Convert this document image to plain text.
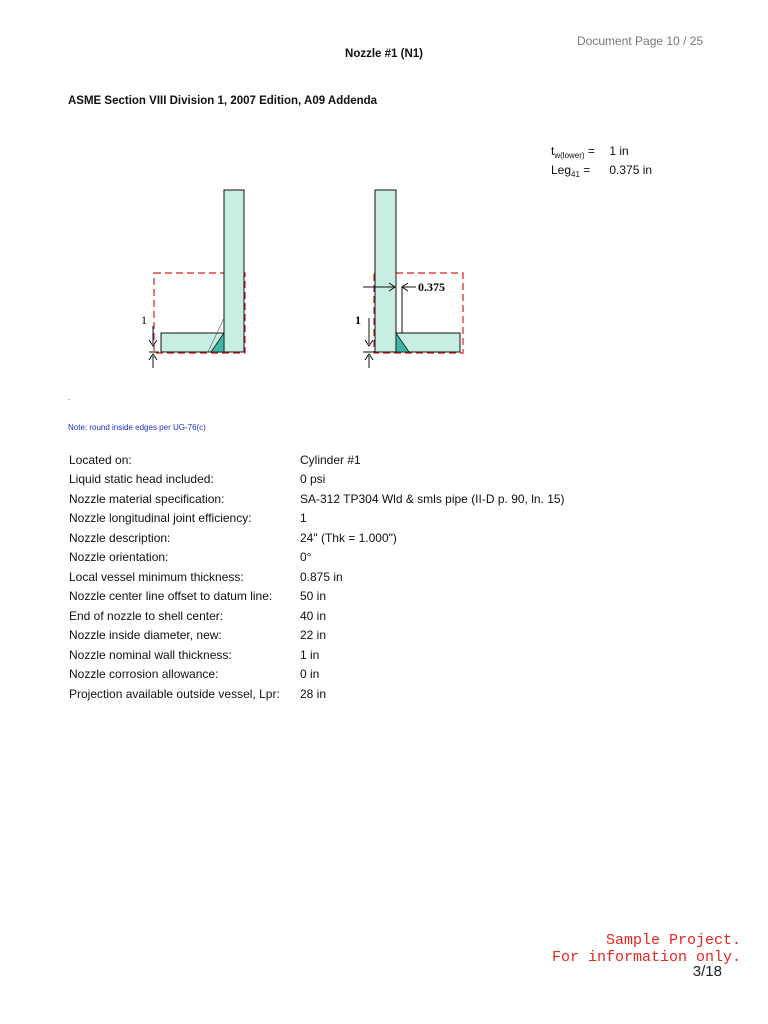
Document Page 10 / 25
Nozzle #1 (N1)
ASME Section VIII Division 1, 2007 Edition, A09 Addenda
$t_{w(lower)} = 1$ in
Leg$_{41}$ = 0.375 in
1	1
0.375
.
Note: round inside edges per UG-76(c)
Located on:	Cylinder #1
Liquid static head included:	0 psi
Nozzle material specification:	SA-312 TP304 Wld & smls pipe (II-D p. 90, ln. 15)
Nozzle longitudinal joint efficiency:	1
Nozzle description:	24" (Thk = 1.000")
Nozzle orientation:	0°
Local vessel minimum thickness:	0.875 in
Nozzle center line offset to datum line:	50 in
End of nozzle to shell center:	40 in
Nozzle inside diameter, new:	22 in
Nozzle nominal wall thickness:	1 in
Nozzle corrosion allowance:	0 in
Projection available outside vessel, Lpr:	28 in
Sample Project.
For information only.
3/18
